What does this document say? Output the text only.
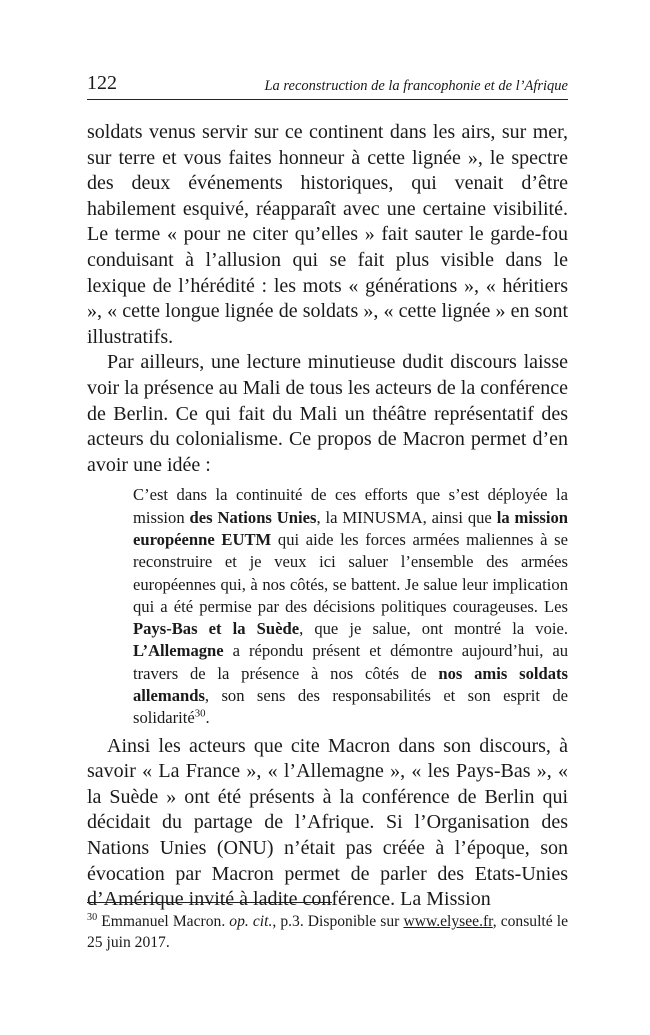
122	La reconstruction de la francophonie et de l’Afrique

soldats venus servir sur ce continent dans les airs, sur mer, sur terre et vous faites honneur à cette lignée », le spectre des deux événements historiques, qui venait d’être habilement esquivé, réapparaît avec une certaine visibilité. Le terme « pour ne citer qu’elles » fait sauter le garde-fou conduisant à l’allusion qui se fait plus visible dans le lexique de l’hérédité : les mots « générations », « héritiers », « cette longue lignée de soldats », « cette lignée » en sont illustratifs.

Par ailleurs, une lecture minutieuse dudit discours laisse voir la présence au Mali de tous les acteurs de la conférence de Berlin. Ce qui fait du Mali un théâtre représentatif des acteurs du colonialisme. Ce propos de Macron permet d’en avoir une idée :

C’est dans la continuité de ces efforts que s’est déployée la mission des Nations Unies, la MINUSMA, ainsi que la mission européenne EUTM qui aide les forces armées maliennes à se reconstruire et je veux ici saluer l’ensemble des armées européennes qui, à nos côtés, se battent. Je salue leur implication qui a été permise par des décisions politiques courageuses. Les Pays-Bas et la Suède, que je salue, ont montré la voie. L’Allemagne a répondu présent et démontre aujourd’hui, au travers de la présence à nos côtés de nos amis soldats allemands, son sens des responsabilités et son esprit de solidarité$^{30}$.

Ainsi les acteurs que cite Macron dans son discours, à savoir « La France », « l’Allemagne », « les Pays-Bas », « la Suède » ont été présents à la conférence de Berlin qui décidait du partage de l’Afrique. Si l’Organisation des Nations Unies (ONU) n’était pas créée à l’époque, son évocation par Macron permet de parler des Etats-Unies d’Amérique invité à ladite conférence. La Mission

$^{30}$ Emmanuel Macron. op. cit., p.3. Disponible sur www.elysee.fr, consulté le 25 juin 2017.
